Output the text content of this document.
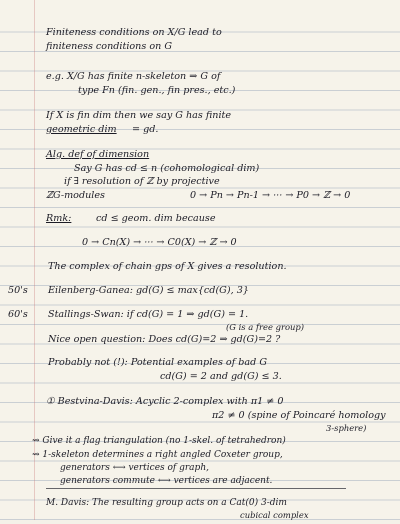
Finiteness conditions on X/G lead to
finiteness conditions on G
e.g. X/G has finite n-skeleton ⇒ G of
type Fn (fin. gen., fin pres., etc.)
If X is fin dim then we say G has finite
geometric dim = gd.
Alg. def of dimension
Say G has cd ≤ n (cohomological dim)
if ∃ resolution of ℤ by projective
ℤG-modules	0 → Pn → Pn-1 → ··· → P0 → ℤ → 0
Rmk:	cd ≤ geom. dim because
0 → Cn(X) → ··· → C0(X) → ℤ → 0
The complex of chain gps of X gives a resolution.
50's Eilenberg-Ganea: gd(G) ≤ max{cd(G), 3}
60's Stallings-Swan: if cd(G) = 1 ⇒ gd(G) = 1.
(G is a free group)
Nice open question: Does cd(G)=2 ⇒ gd(G)=2 ?
Probably not (!): Potential examples of bad G
cd(G) = 2 and gd(G) ≤ 3.
① Bestvina-Davis: Acyclic 2-complex with π1 ≠ 0
π2 ≠ 0 (spine of Poincaré homology
3-sphere)
⇝ Give it a flag triangulation (no 1-skel. of tetrahedron)
⇝ 1-skeleton determines a right angled Coxeter group,
generators ⟷ vertices of graph,
generators commute ⟷ vertices are adjacent.
M. Davis: The resulting group acts on a Cat(0) 3-dim
cubical complex
